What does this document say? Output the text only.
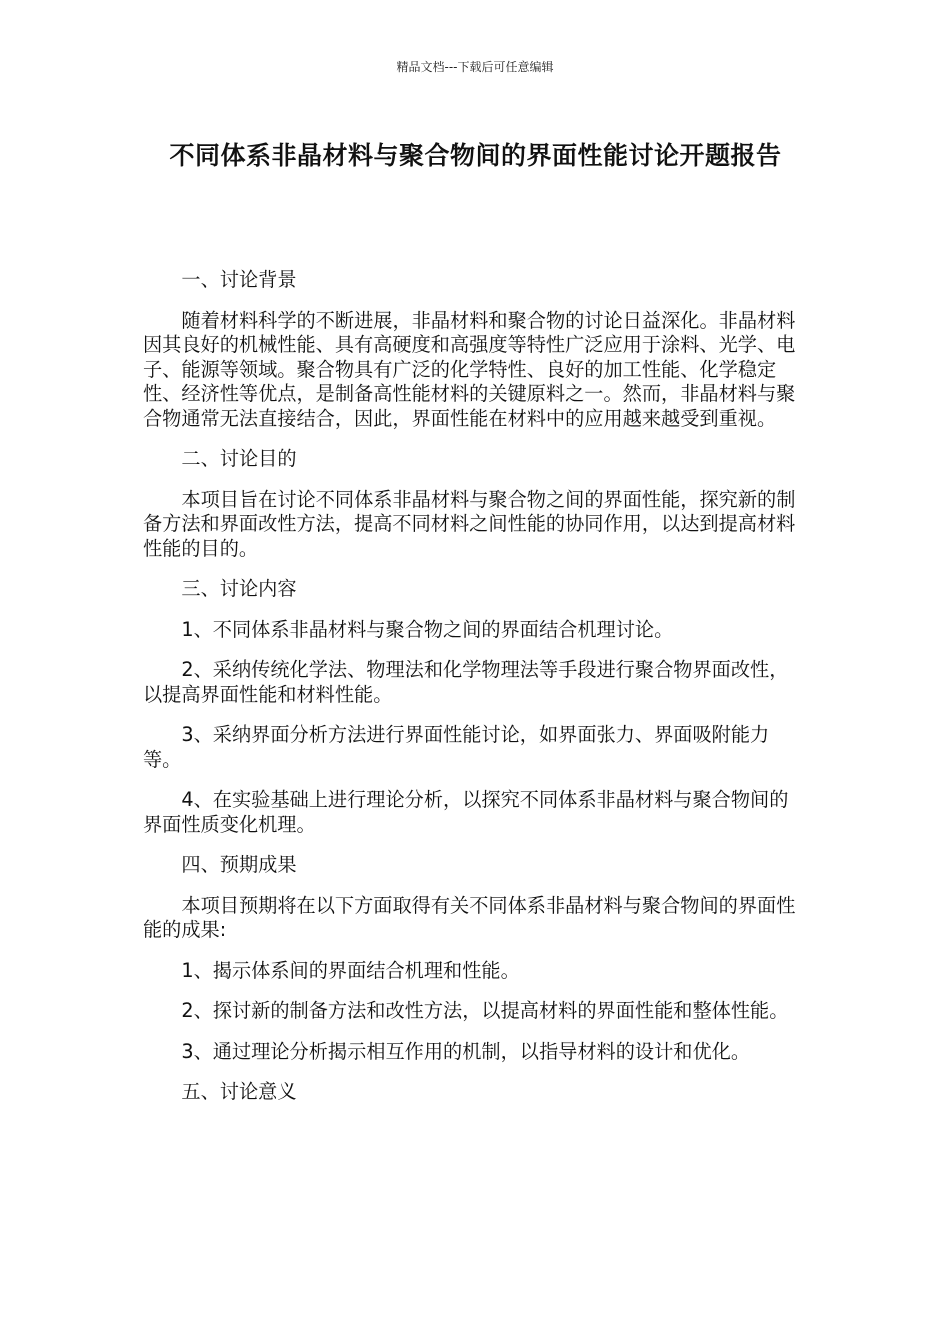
精品文档---下载后可任意编辑
不同体系非晶材料与聚合物间的界面性能讨论开题报告

一、讨论背景

随着材料科学的不断进展，非晶材料和聚合物的讨论日益深化。非晶材料因其良好的机械性能、具有高硬度和高强度等特性广泛应用于涂料、光学、电子、能源等领域。聚合物具有广泛的化学特性、良好的加工性能、化学稳定性、经济性等优点，是制备高性能材料的关键原料之一。然而，非晶材料与聚合物通常无法直接结合，因此，界面性能在材料中的应用越来越受到重视。

二、讨论目的

本项目旨在讨论不同体系非晶材料与聚合物之间的界面性能，探究新的制备方法和界面改性方法，提高不同材料之间性能的协同作用，以达到提高材料性能的目的。

三、讨论内容

1、不同体系非晶材料与聚合物之间的界面结合机理讨论。

2、采纳传统化学法、物理法和化学物理法等手段进行聚合物界面改性，以提高界面性能和材料性能。

3、采纳界面分析方法进行界面性能讨论，如界面张力、界面吸附能力等。

4、在实验基础上进行理论分析，以探究不同体系非晶材料与聚合物间的界面性质变化机理。

四、预期成果

本项目预期将在以下方面取得有关不同体系非晶材料与聚合物间的界面性能的成果:

1、揭示体系间的界面结合机理和性能。

2、探讨新的制备方法和改性方法，以提高材料的界面性能和整体性能。

3、通过理论分析揭示相互作用的机制，以指导材料的设计和优化。

五、讨论意义
